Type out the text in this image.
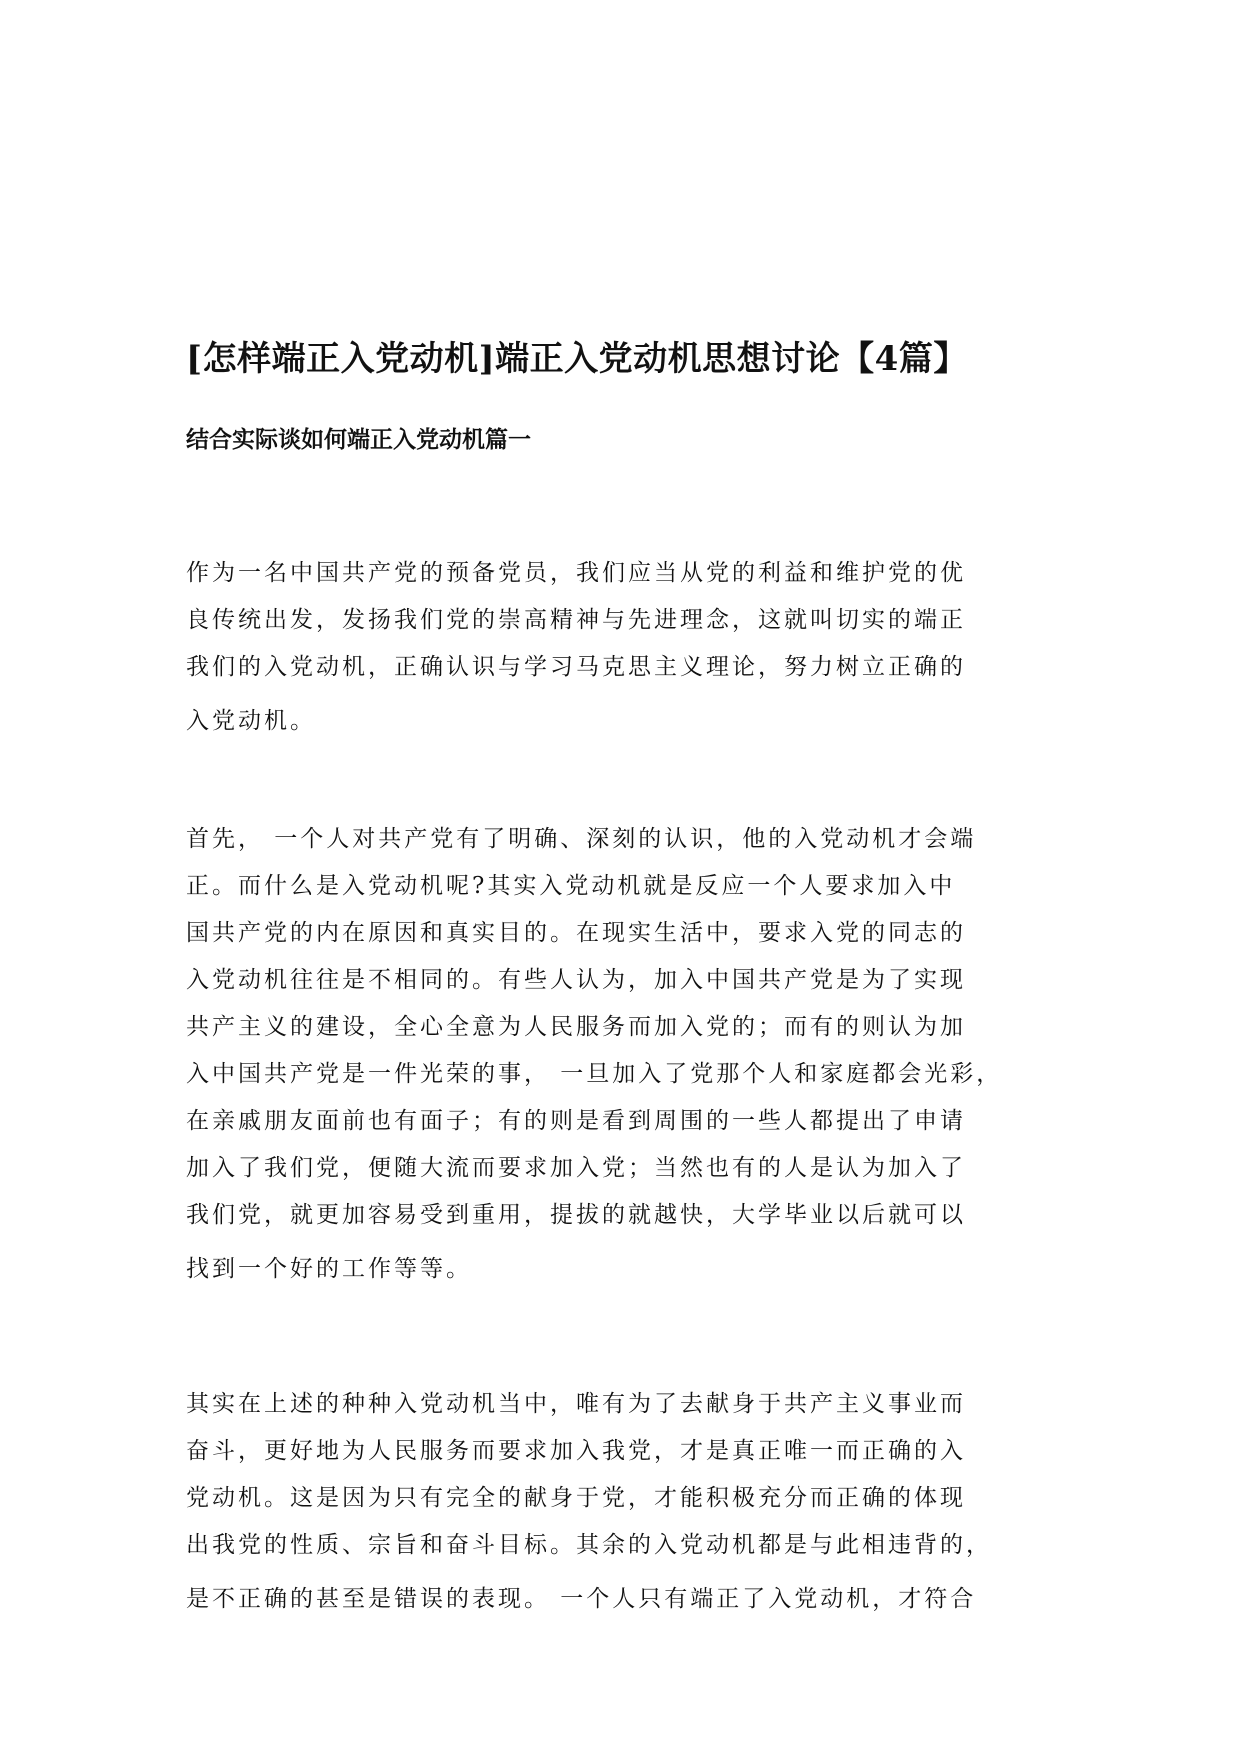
[怎样端正入党动机]端正入党动机思想讨论【4篇】
结合实际谈如何端正入党动机篇一
作为一名中国共产党的预备党员，我们应当从党的利益和维护党的优
良传统出发，发扬我们党的崇高精神与先进理念，这就叫切实的端正
我们的入党动机，正确认识与学习马克思主义理论，努力树立正确的
入党动机。
首先， 一个人对共产党有了明确、深刻的认识，他的入党动机才会端
正。而什么是入党动机呢?其实入党动机就是反应一个人要求加入中
国共产党的内在原因和真实目的。在现实生活中，要求入党的同志的
入党动机往往是不相同的。有些人认为，加入中国共产党是为了实现
共产主义的建设，全心全意为人民服务而加入党的；而有的则认为加
入中国共产党是一件光荣的事， 一旦加入了党那个人和家庭都会光彩，
在亲戚朋友面前也有面子；有的则是看到周围的一些人都提出了申请
加入了我们党，便随大流而要求加入党；当然也有的人是认为加入了
我们党，就更加容易受到重用，提拔的就越快，大学毕业以后就可以
找到一个好的工作等等。
其实在上述的种种入党动机当中，唯有为了去献身于共产主义事业而
奋斗，更好地为人民服务而要求加入我党，才是真正唯一而正确的入
党动机。这是因为只有完全的献身于党，才能积极充分而正确的体现
出我党的性质、宗旨和奋斗目标。其余的入党动机都是与此相违背的，
是不正确的甚至是错误的表现。 一个人只有端正了入党动机，才符合
